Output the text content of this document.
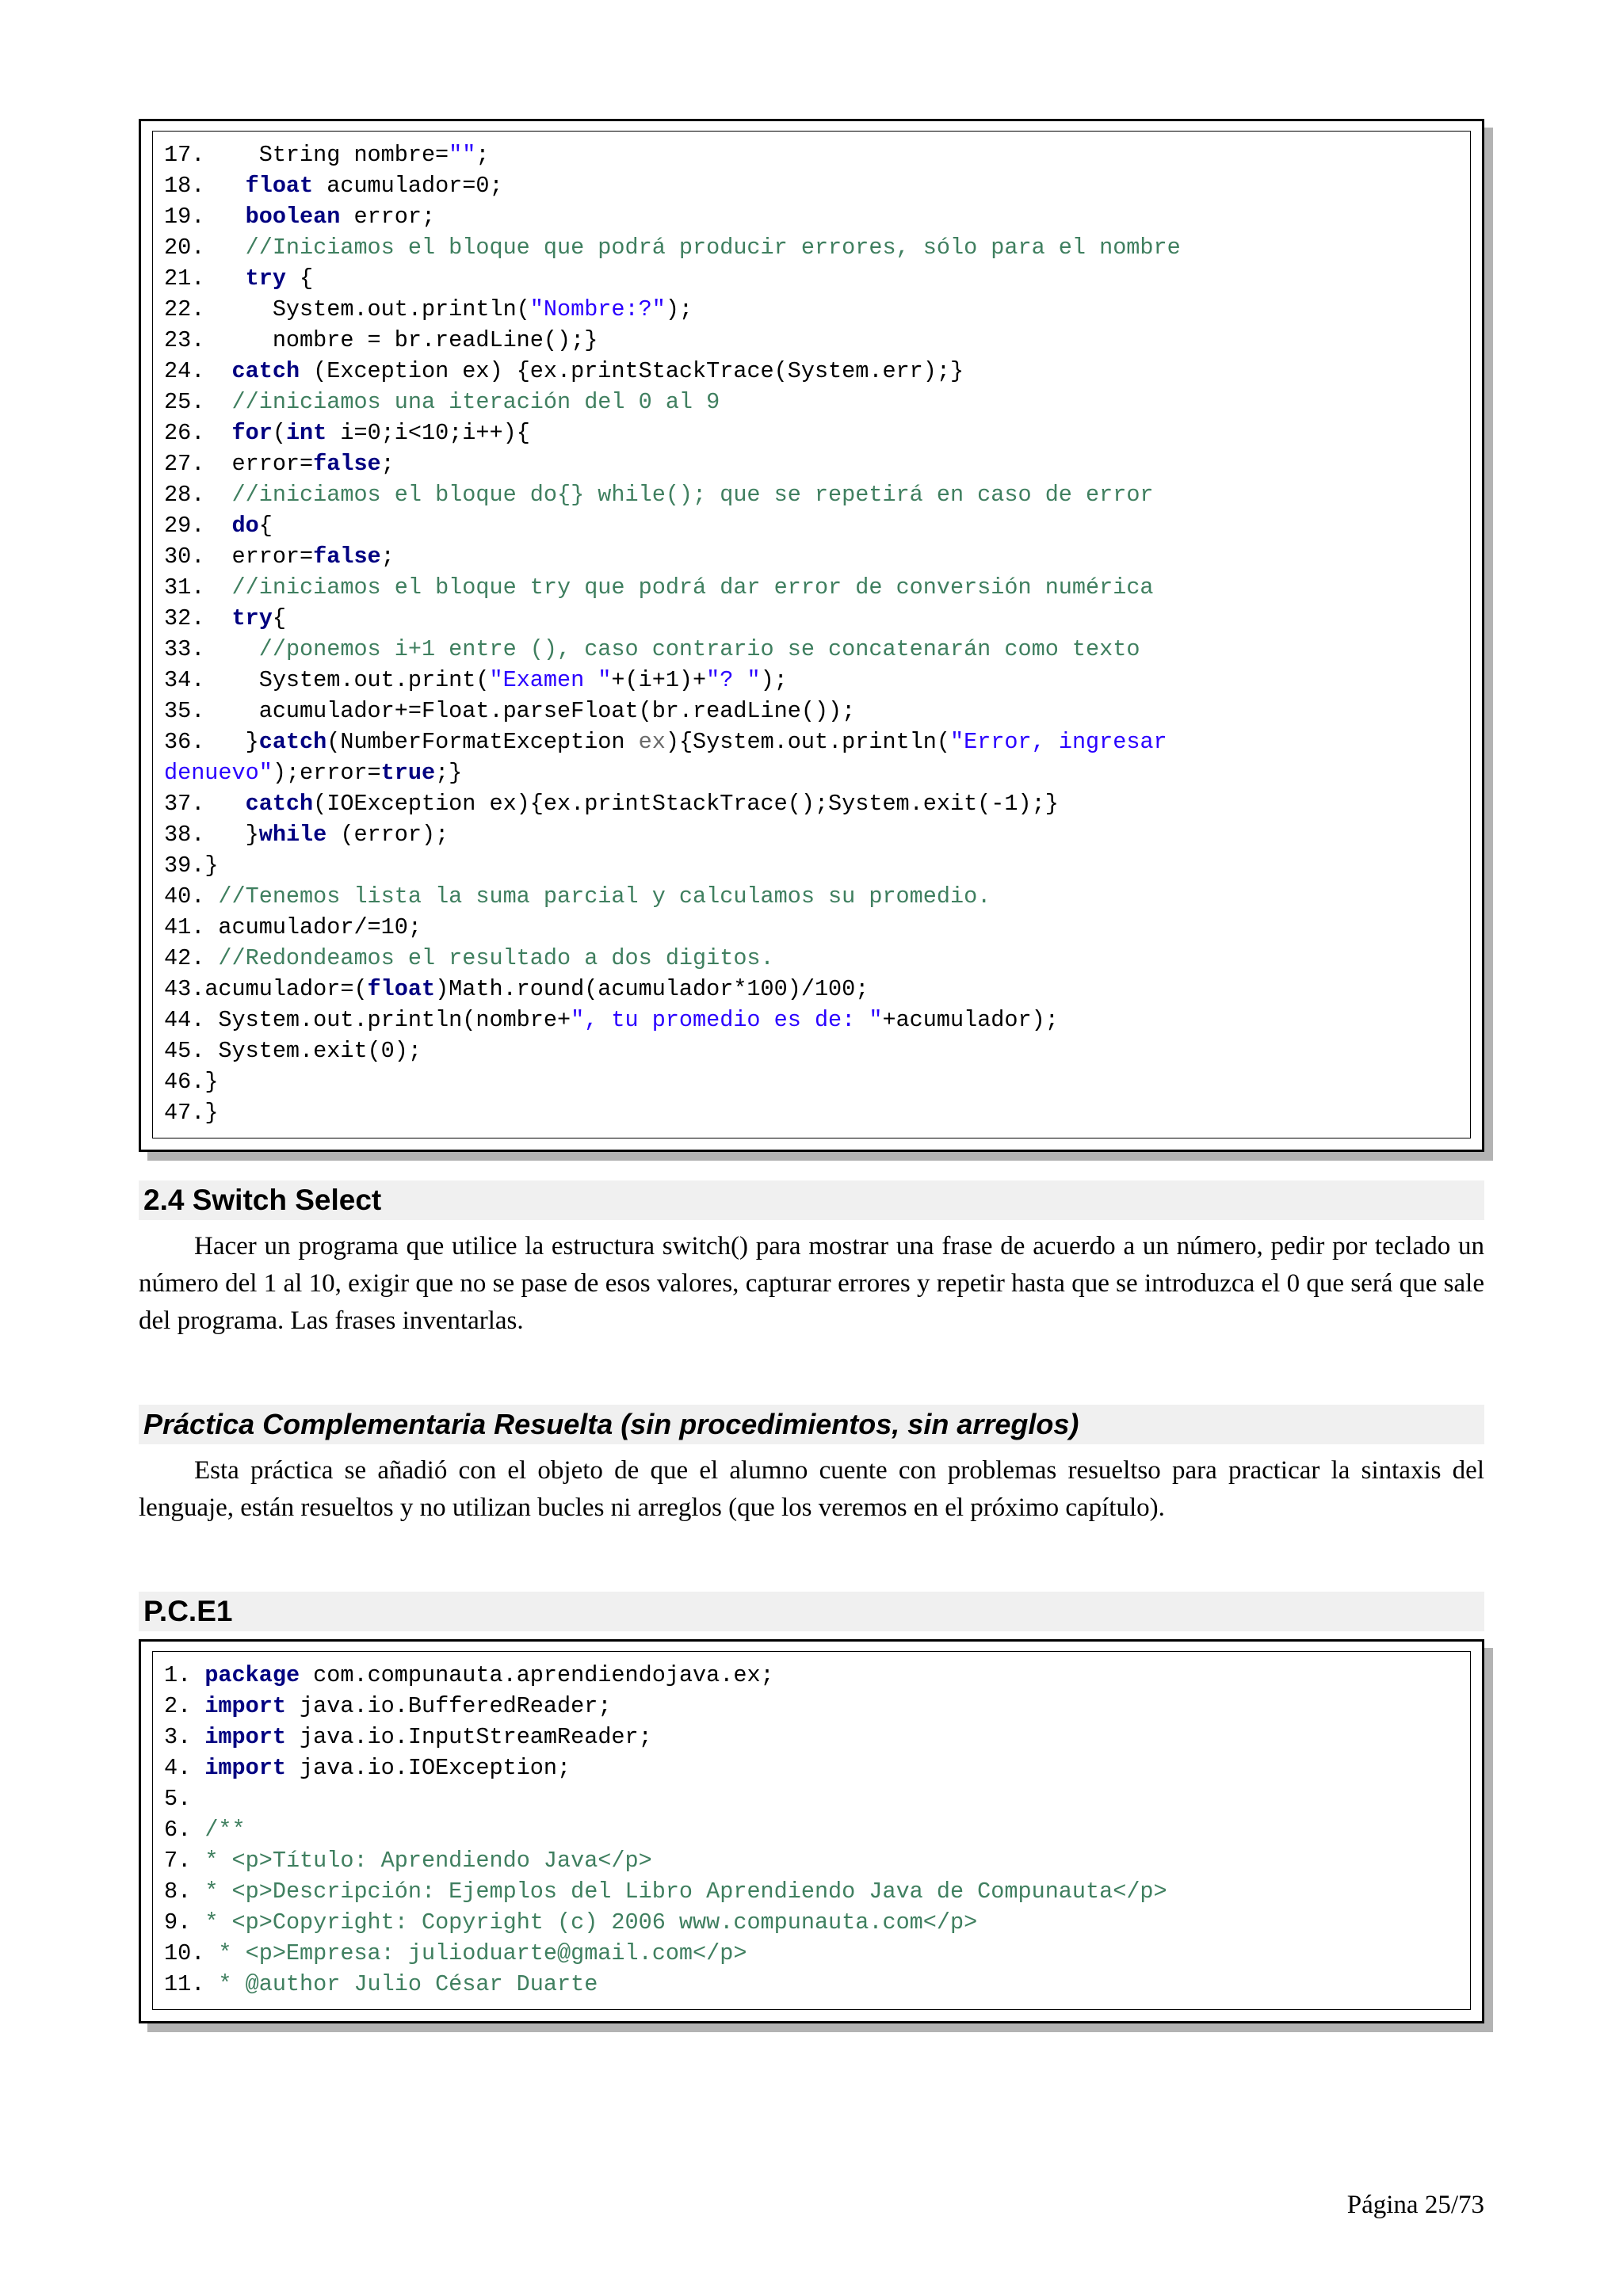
17.    String nombre="";
18. float acumulador=0;
19. boolean error;
20. //Iniciamos el bloque que podrá producir errores, sólo para el nombre
21. try {
22.     System.out.println("Nombre:?");
23.     nombre = br.readLine();}
24. catch (Exception ex) {ex.printStackTrace(System.err);}
25. //iniciamos una iteración del 0 al 9
26. for(int i=0;i<10;i++){
27.  error=false;
28. //iniciamos el bloque do{} while(); que se repetirá en caso de error
29. do{
30.  error=false;
31. //iniciamos el bloque try que podrá dar error de conversión numérica
32. try{
33. //ponemos i+1 entre (), caso contrario se concatenarán como texto
34.    System.out.print("Examen "+(i+1)+"? ");
35.    acumulador+=Float.parseFloat(br.readLine());
36.   }catch(NumberFormatException ex){System.out.println("Error, ingresar denuevo");error=true;}
37. catch(IOException ex){ex.printStackTrace();System.exit(-1);}
38.   }while (error);
39.}
40. //Tenemos lista la suma parcial y calculamos su promedio.
41. acumulador/=10;
42. //Redondeamos el resultado a dos digitos.
43.acumulador=(float)Math.round(acumulador*100)/100;
44. System.out.println(nombre+", tu promedio es de: "+acumulador);
45. System.exit(0);
46.}
47.}
2.4 Switch Select

Hacer un programa que utilice la estructura switch() para mostrar una frase de acuerdo a un número, pedir por teclado un número del 1 al 10, exigir que no se pase de esos valores, capturar errores y repetir hasta que se introduzca el 0 que será que sale del programa. Las frases inventarlas.

Práctica Complementaria Resuelta (sin procedimientos, sin arreglos)

Esta práctica se añadió con el objeto de que el alumno cuente con problemas resueltso para practicar la sintaxis del lenguaje, están resueltos y no utilizan bucles ni arreglos (que los veremos en el próximo capítulo).

P.C.E1
1. package com.compunauta.aprendiendojava.ex;
2. import java.io.BufferedReader;
3. import java.io.InputStreamReader;
4. import java.io.IOException;
5.
6. /**
7. * <p>Título: Aprendiendo Java</p>
8. * <p>Descripción: Ejemplos del Libro Aprendiendo Java de Compunauta</p>
9. * <p>Copyright: Copyright (c) 2006 www.compunauta.com</p>
10. * <p>Empresa: julioduarte@gmail.com</p>
11. * @author Julio César Duarte
Página 25/73
